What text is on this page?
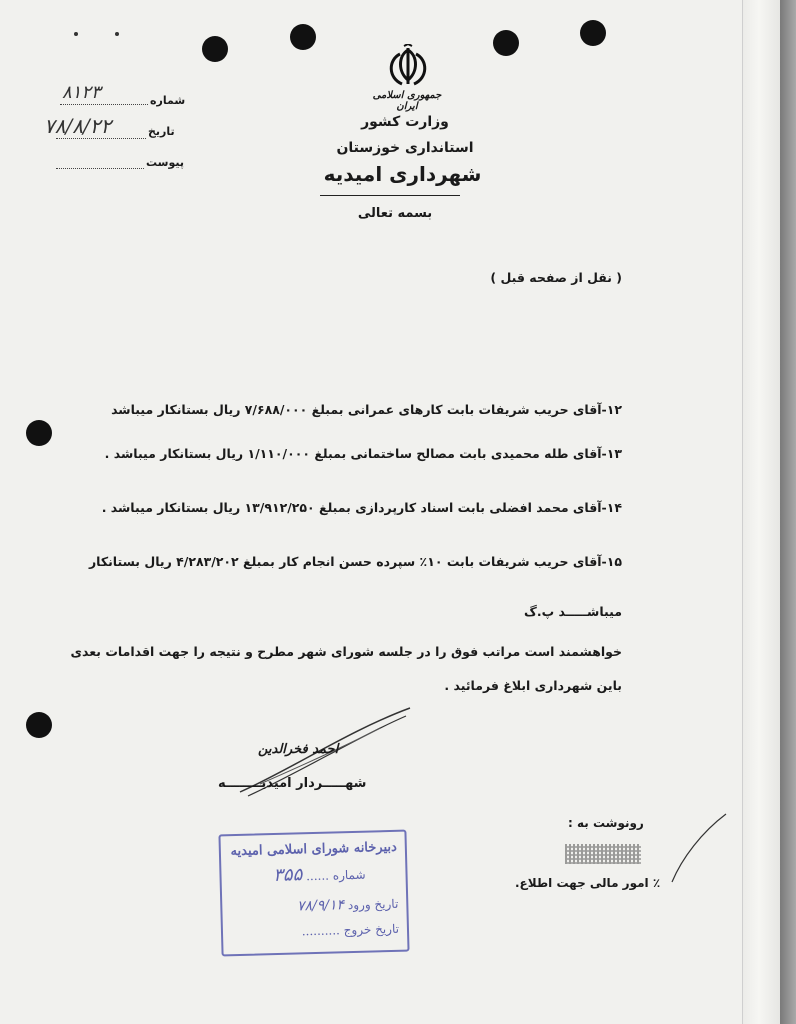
جمهوری اسلامی ایران
وزارت کشور
استانداری خوزستان
شهرداری امیدیه
بسمه تعالی
شماره
۸۱۲۳
تاریخ
۷۸/۸/۲۲
پیوست
( نقل از صفحه قبل )
۱۲-آقای حریب شریفات بابت کارهای عمرانی بمبلغ ۷/۶۸۸/۰۰۰ ریال بستانکار میباشد
۱۳-آقای طله محمیدی بابت مصالح ساختمانی بمبلغ ۱/۱۱۰/۰۰۰ ریال بستانکار میباشد .
۱۴-آقای محمد افضلی بابت اسناد کارپردازی بمبلغ ۱۳/۹۱۲/۲۵۰ ریال بستانکار میباشد .
۱۵-آقای حریب شریفات بابت ۱۰٪ سپرده حسن انجام کار بمبلغ ۴/۲۸۳/۲۰۲ ریال بستانکار
میباشـــــد پ.گ
خواهشمند است مراتب فوق را در جلسه شورای شهر مطرح و نتیجه را جهت اقدامات بعدی
باین شهرداری ابلاغ فرمائید .
احمد فخرالدین
شهـــــردار امیدیــــــــه
رونوشت به :
٪ امور مالی جهت اطلاع.
دبیرخانه شورای اسلامی امیدیه
شماره ...... ۳۵۵
تاریخ ورود ۷۸/۹/۱۴
تاریخ خروج ..........
